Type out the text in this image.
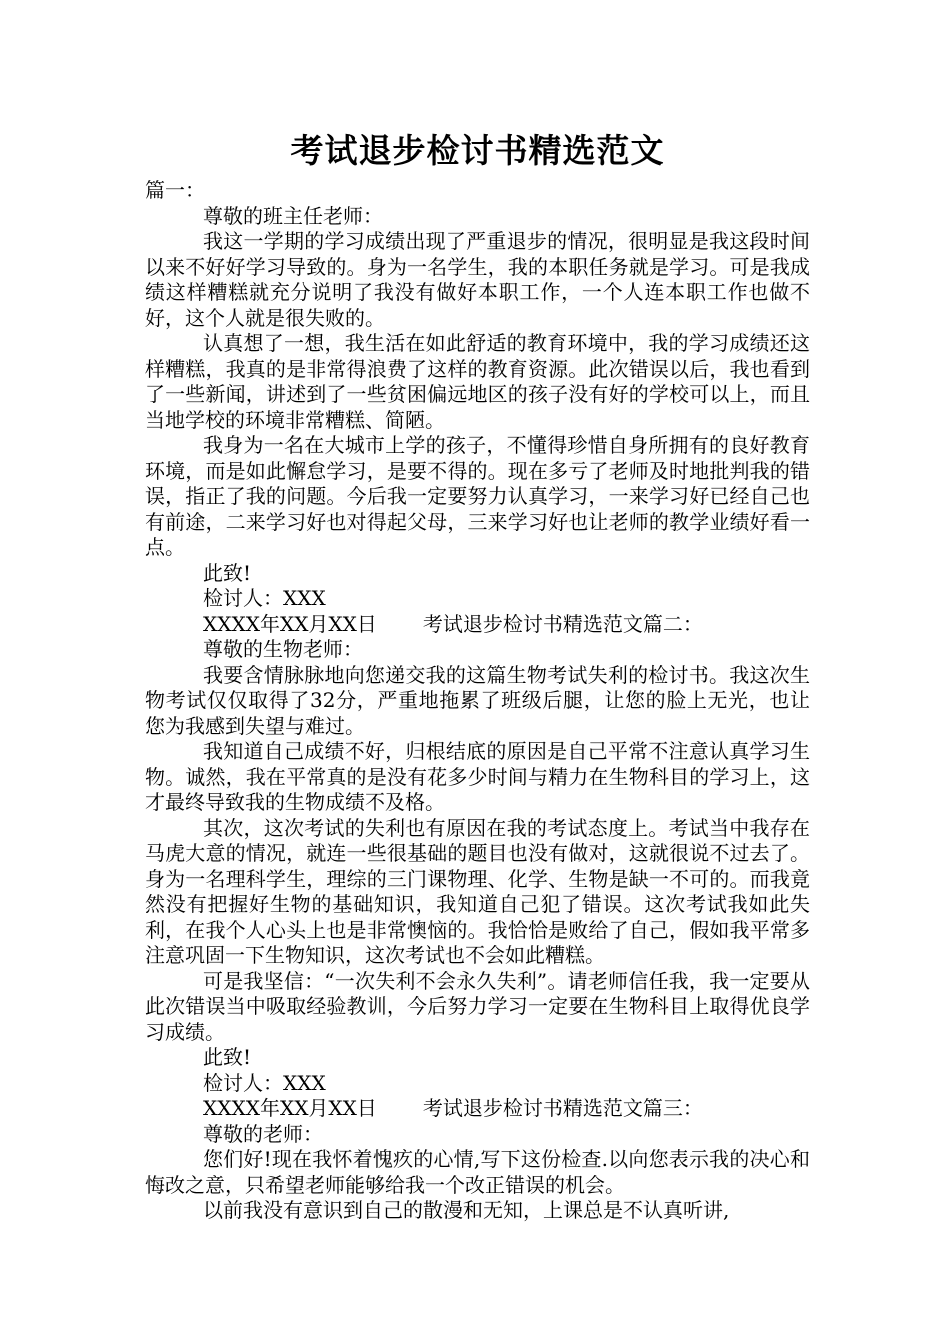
考试退步检讨书精选范文

篇一：

尊敬的班主任老师：

我这一学期的学习成绩出现了严重退步的情况，很明显是我这段时间以来不好好学习导致的。身为一名学生，我的本职任务就是学习。可是我成绩这样糟糕就充分说明了我没有做好本职工作，一个人连本职工作也做不好，这个人就是很失败的。

认真想了一想，我生活在如此舒适的教育环境中，我的学习成绩还这样糟糕，我真的是非常得浪费了这样的教育资源。此次错误以后，我也看到了一些新闻，讲述到了一些贫困偏远地区的孩子没有好的学校可以上，而且当地学校的环境非常糟糕、简陋。

我身为一名在大城市上学的孩子，不懂得珍惜自身所拥有的良好教育环境，而是如此懈怠学习，是要不得的。现在多亏了老师及时地批判我的错误，指正了我的问题。今后我一定要努力认真学习，一来学习好已经自己也有前途，二来学习好也对得起父母，三来学习好也让老师的教学业绩好看一点。

此致!

检讨人：XXX

XXXX年XX月XX日 考试退步检讨书精选范文篇二：

尊敬的生物老师：

我要含情脉脉地向您递交我的这篇生物考试失利的检讨书。我这次生物考试仅仅取得了32分，严重地拖累了班级后腿，让您的脸上无光，也让您为我感到失望与难过。

我知道自己成绩不好，归根结底的原因是自己平常不注意认真学习生物。诚然，我在平常真的是没有花多少时间与精力在生物科目的学习上，这才最终导致我的生物成绩不及格。

其次，这次考试的失利也有原因在我的考试态度上。考试当中我存在马虎大意的情况，就连一些很基础的题目也没有做对，这就很说不过去了。身为一名理科学生，理综的三门课物理、化学、生物是缺一不可的。而我竟然没有把握好生物的基础知识，我知道自己犯了错误。这次考试我如此失利，在我个人心头上也是非常懊恼的。我恰恰是败给了自己，假如我平常多注意巩固一下生物知识，这次考试也不会如此糟糕。

可是我坚信：“一次失利不会永久失利”。请老师信任我，我一定要从此次错误当中吸取经验教训，今后努力学习一定要在生物科目上取得优良学习成绩。

此致!

检讨人：XXX

XXXX年XX月XX日 考试退步检讨书精选范文篇三：

尊敬的老师：

您们好!现在我怀着愧疚的心情,写下这份检查.以向您表示我的决心和悔改之意，只希望老师能够给我一个改正错误的机会。

以前我没有意识到自己的散漫和无知，上课总是不认真听讲,
